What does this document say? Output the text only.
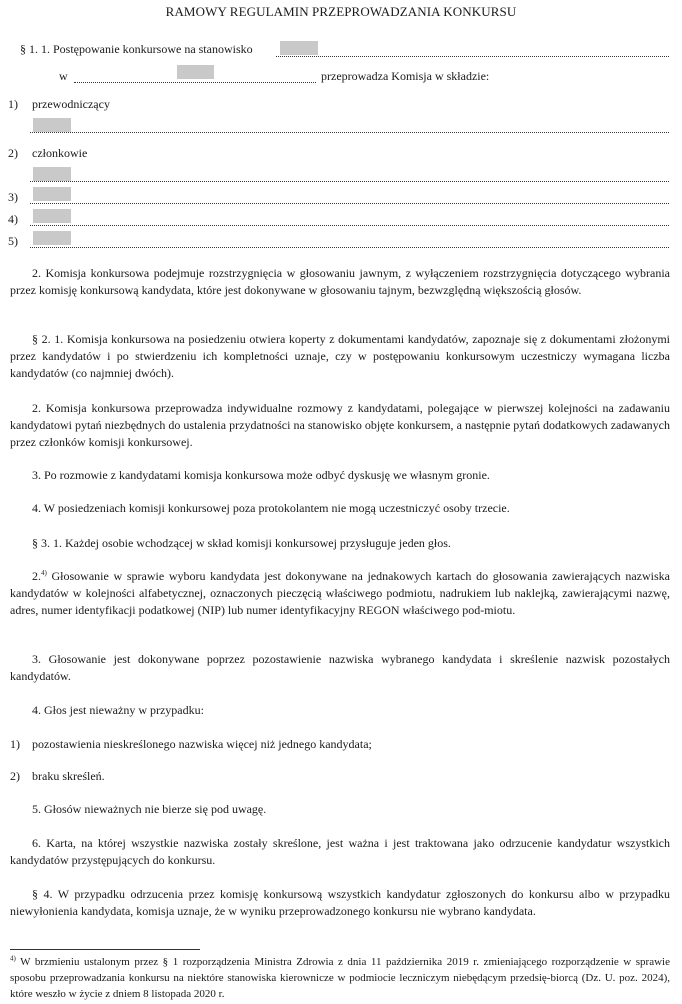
RAMOWY REGULAMIN PRZEPROWADZANIA KONKURSU
§ 1. 1. Postępowanie konkursowe na stanowisko
w	przeprowadza Komisja w składzie:
1) przewodniczący
2) członkowie
3)
4)
5)
2. Komisja konkursowa podejmuje rozstrzygnięcia w głosowaniu jawnym, z wyłączeniem rozstrzygnięcia dotyczącego wybrania przez komisję konkursową kandydata, które jest dokonywane w głosowaniu tajnym, bezwzględną większością głosów.
§ 2. 1. Komisja konkursowa na posiedzeniu otwiera koperty z dokumentami kandydatów, zapoznaje się z dokumentami złożonymi przez kandydatów i po stwierdzeniu ich kompletności uznaje, czy w postępowaniu konkursowym uczestniczy wymagana liczba kandydatów (co najmniej dwóch).
2. Komisja konkursowa przeprowadza indywidualne rozmowy z kandydatami, polegające w pierwszej kolejności na zadawaniu kandydatowi pytań niezbędnych do ustalenia przydatności na stanowisko objęte konkursem, a następnie pytań dodatkowych zadawanych przez członków komisji konkursowej.
3. Po rozmowie z kandydatami komisja konkursowa może odbyć dyskusję we własnym gronie.
4. W posiedzeniach komisji konkursowej poza protokolantem nie mogą uczestniczyć osoby trzecie.
§ 3. 1. Każdej osobie wchodzącej w skład komisji konkursowej przysługuje jeden głos.
2.$^{4)}$ Głosowanie w sprawie wyboru kandydata jest dokonywane na jednakowych kartach do głosowania zawierających nazwiska kandydatów w kolejności alfabetycznej, oznaczonych pieczęcią właściwego podmiotu, nadrukiem lub naklejką, zawierającymi nazwę, adres, numer identyfikacji podatkowej (NIP) lub numer identyfikacyjny REGON właściwego pod-miotu.
3. Głosowanie jest dokonywane poprzez pozostawienie nazwiska wybranego kandydata i skreślenie nazwisk pozostałych kandydatów.
4. Głos jest nieważny w przypadku:
1) pozostawienia nieskreślonego nazwiska więcej niż jednego kandydata;
2) braku skreśleń.
5. Głosów nieważnych nie bierze się pod uwagę.
6. Karta, na której wszystkie nazwiska zostały skreślone, jest ważna i jest traktowana jako odrzucenie kandydatur wszystkich kandydatów przystępujących do konkursu.
§ 4. W przypadku odrzucenia przez komisję konkursową wszystkich kandydatur zgłoszonych do konkursu albo w przypadku niewyłonienia kandydata, komisja uznaje, że w wyniku przeprowadzonego konkursu nie wybrano kandydata.
$^{4)}$ W brzmieniu ustalonym przez § 1 rozporządzenia Ministra Zdrowia z dnia 11 października 2019 r. zmieniającego rozporządzenie w sprawie sposobu przeprowadzania konkursu na niektóre stanowiska kierownicze w podmiocie leczniczym niebędącym przedsię-biorcą (Dz. U. poz. 2024), które weszło w życie z dniem 8 listopada 2020 r.
